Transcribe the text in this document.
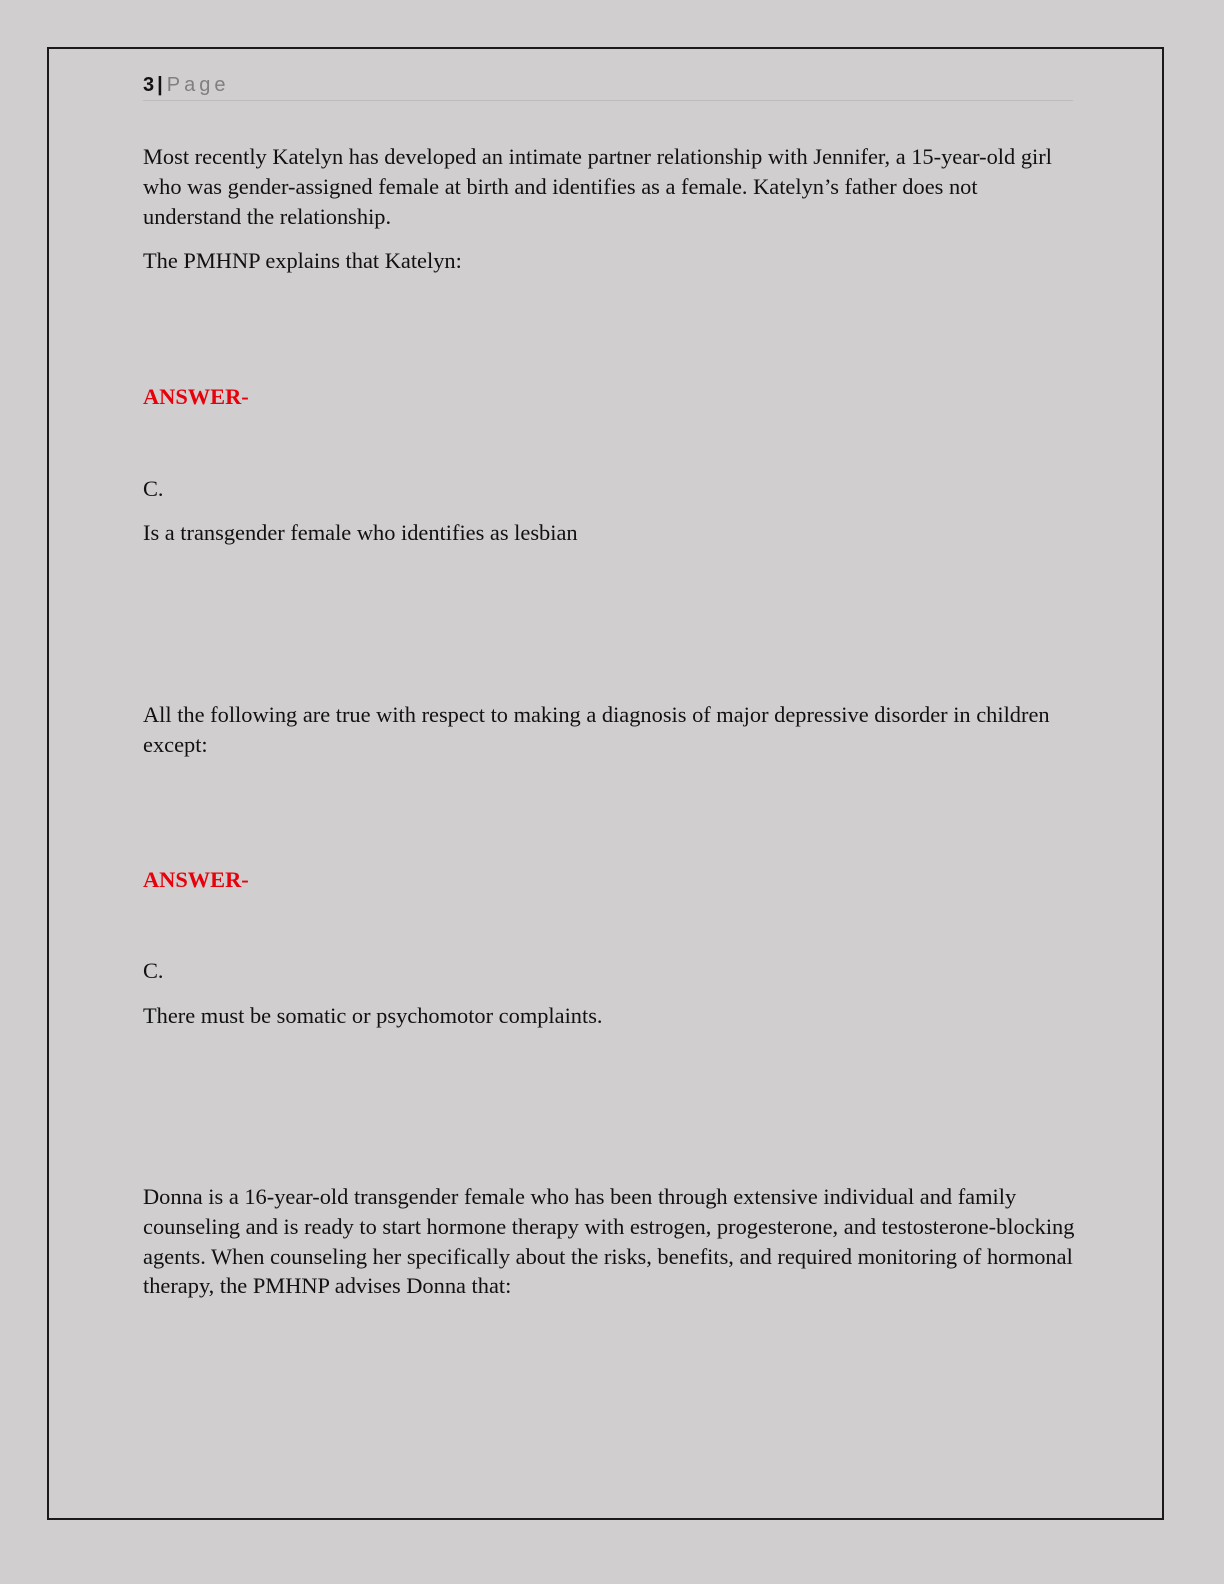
3 | Page

Most recently Katelyn has developed an intimate partner relationship with Jennifer, a 15-year-old girl who was gender-assigned female at birth and identifies as a female. Katelyn’s father does not understand the relationship.

The PMHNP explains that Katelyn:

ANSWER-

C.

Is a transgender female who identifies as lesbian

All the following are true with respect to making a diagnosis of major depressive disorder in children except:

ANSWER-

C.

There must be somatic or psychomotor complaints.

Donna is a 16-year-old transgender female who has been through extensive individual and family counseling and is ready to start hormone therapy with estrogen, progesterone, and testosterone-blocking agents. When counseling her specifically about the risks, benefits, and required monitoring of hormonal therapy, the PMHNP advises Donna that:
